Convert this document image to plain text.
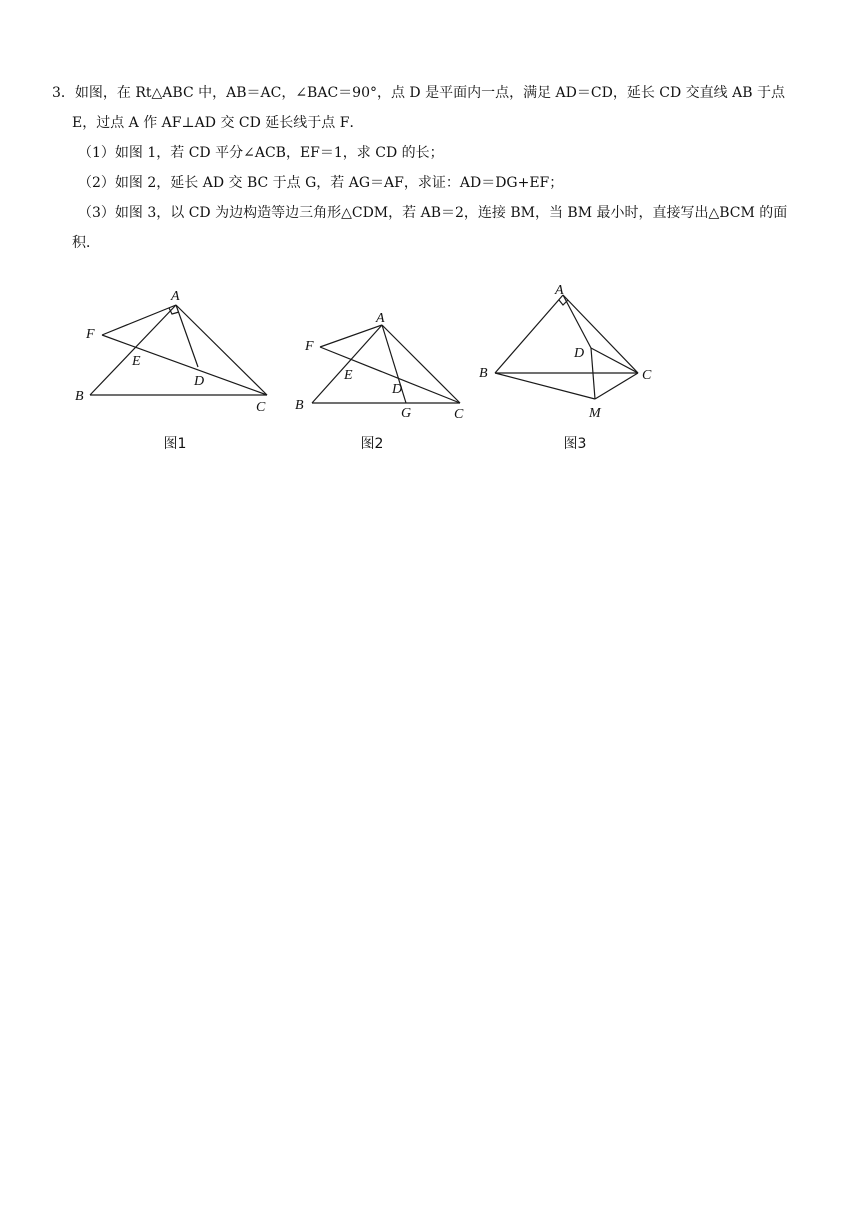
3．如图，在 Rt△ABC 中，AB＝AC，∠BAC＝90°，点 D 是平面内一点，满足 AD＝CD，延长 CD 交直线 AB 于点

E，过点 A 作 AF⊥AD 交 CD 延长线于点 F．

（1）如图 1，若 CD 平分∠ACB，EF＝1，求 CD 的长；

（2）如图 2，延长 AD 交 BC 于点 G，若 AG＝AF，求证：AD＝DG+EF；

（3）如图 3，以 CD 为边构造等边三角形△CDM，若 AB＝2，连接 BM，当 BM 最小时，直接写出△BCM 的面

积．

A
F
E
D
B
C
图1
A
F
E
D
B
G	C
图2
A
D
B	C
M
图3
